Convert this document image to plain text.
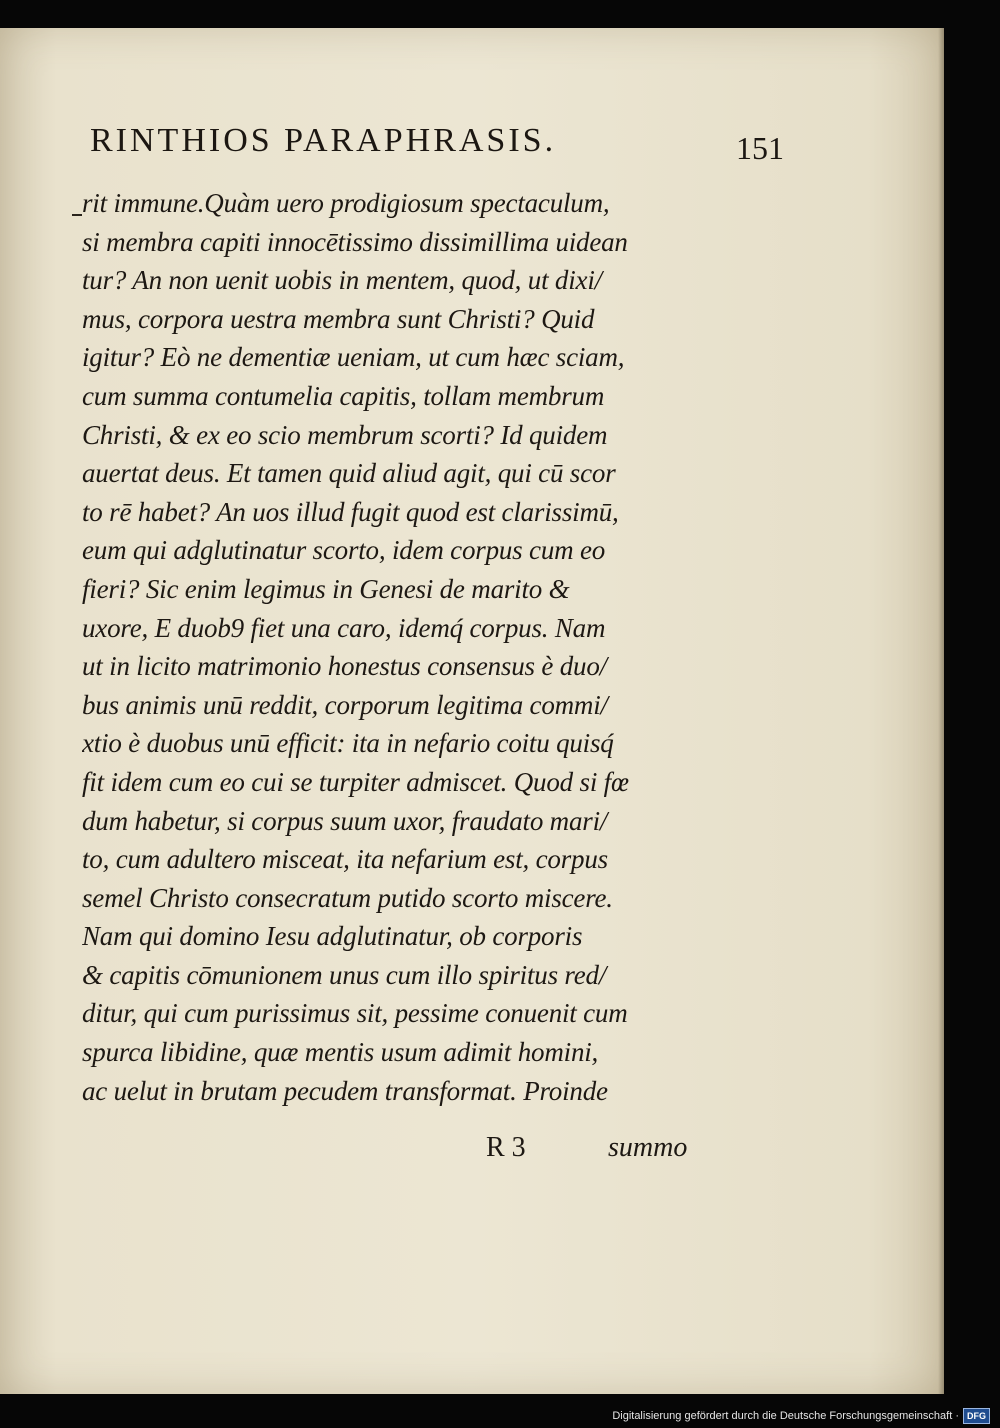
RINTHIOS PARAPHRASIS.	151
rit immune.Quàm uero prodigiosum spectaculum,
si membra capiti innocētissimo dissimillima uidean
tur? An non uenit uobis in mentem, quod, ut dixi/
mus, corpora uestra membra sunt Christi? Quid
igitur? Eò ne dementiæ ueniam, ut cum hæc sciam,
cum summa contumelia capitis, tollam membrum
Christi, & ex eo scio membrum scorti? Id quidem
auertat deus. Et tamen quid aliud agit, qui cū scor
to rē habet? An uos illud fugit quod est clarissimū,
eum qui adglutinatur scorto, idem corpus cum eo
fieri? Sic enim legimus in Genesi de marito &
uxore, E duob9 fiet una caro, idemq́ corpus. Nam
ut in licito matrimonio honestus consensus è duo/
bus animis unū reddit, corporum legitima commi/
xtio è duobus unū efficit: ita in nefario coitu quisq́
fit idem cum eo cui se turpiter admiscet. Quod si fœ
dum habetur, si corpus suum uxor, fraudato mari/
to, cum adultero misceat, ita nefarium est, corpus
semel Christo consecratum putido scorto miscere.
Nam qui domino Iesu adglutinatur, ob corporis
& capitis cōmunionem unus cum illo spiritus red/
ditur, qui cum purissimus sit, pessime conuenit cum
spurca libidine, quæ mentis usum adimit homini,
ac uelut in brutam pecudem transformat. Proinde
R 3	summo
Digitalisierung gefördert durch die Deutsche Forschungsgemeinschaft · DFG
